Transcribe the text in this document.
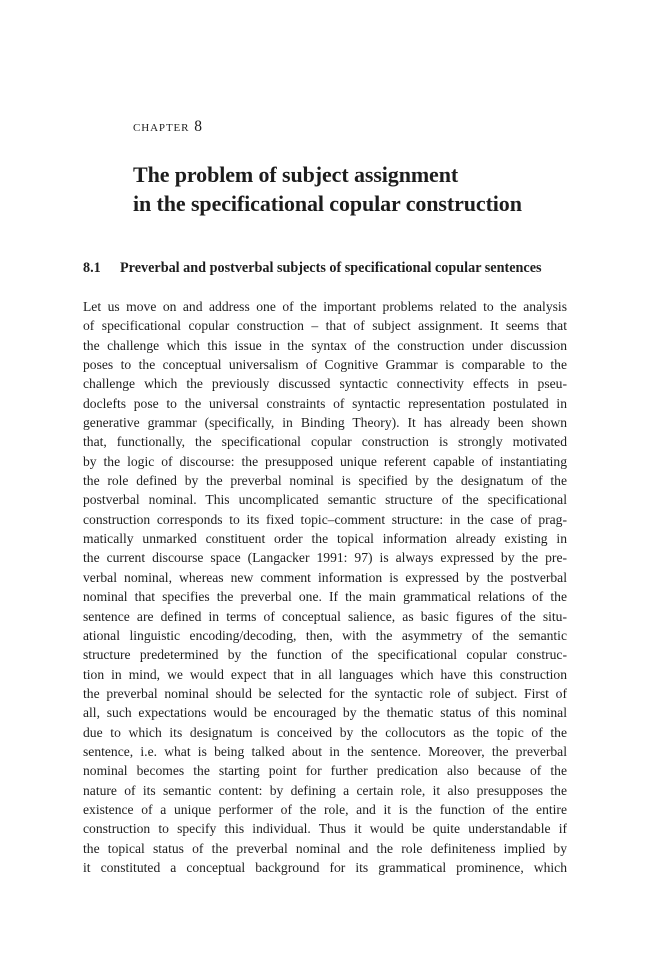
chapter 8
The problem of subject assignment
in the specificational copular construction
8.1 Preverbal and postverbal subjects of specificational copular sentences
Let us move on and address one of the important problems related to the analysis
of specificational copular construction – that of subject assignment. It seems that
the challenge which this issue in the syntax of the construction under discussion
poses to the conceptual universalism of Cognitive Grammar is comparable to the
challenge which the previously discussed syntactic connectivity effects in pseu-
doclefts pose to the universal constraints of syntactic representation postulated in
generative grammar (specifically, in Binding Theory). It has already been shown
that, functionally, the specificational copular construction is strongly motivated
by the logic of discourse: the presupposed unique referent capable of instantiating
the role defined by the preverbal nominal is specified by the designatum of the
postverbal nominal. This uncomplicated semantic structure of the specificational
construction corresponds to its fixed topic–comment structure: in the case of prag-
matically unmarked constituent order the topical information already existing in
the current discourse space (Langacker 1991: 97) is always expressed by the pre-
verbal nominal, whereas new comment information is expressed by the postverbal
nominal that specifies the preverbal one. If the main grammatical relations of the
sentence are defined in terms of conceptual salience, as basic figures of the situ-
ational linguistic encoding/decoding, then, with the asymmetry of the semantic
structure predetermined by the function of the specificational copular construc-
tion in mind, we would expect that in all languages which have this construction
the preverbal nominal should be selected for the syntactic role of subject. First of
all, such expectations would be encouraged by the thematic status of this nominal
due to which its designatum is conceived by the collocutors as the topic of the
sentence, i.e. what is being talked about in the sentence. Moreover, the preverbal
nominal becomes the starting point for further predication also because of the
nature of its semantic content: by defining a certain role, it also presupposes the
existence of a unique performer of the role, and it is the function of the entire
construction to specify this individual. Thus it would be quite understandable if
the topical status of the preverbal nominal and the role definiteness implied by
it constituted a conceptual background for its grammatical prominence, which
